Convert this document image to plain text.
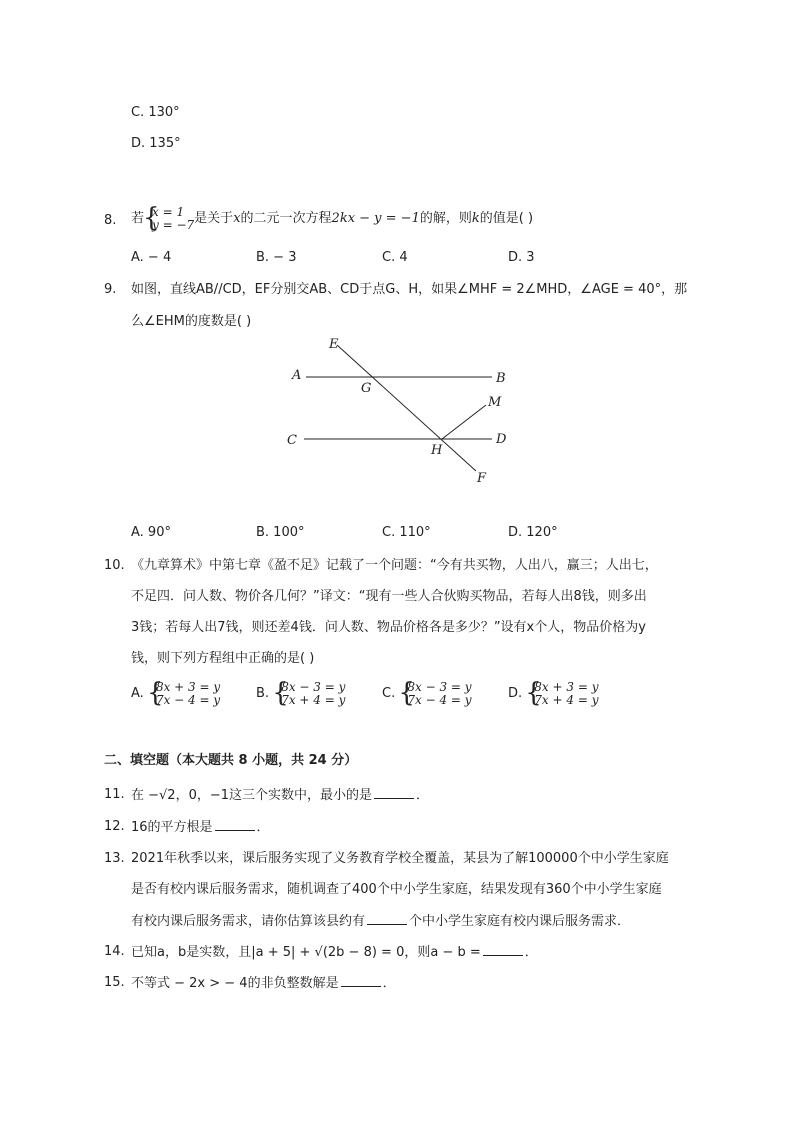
C. 130°
D. 135°
8. 若 { x = 1
y = −7 是关于x的二元一次方程2kx − y = −1的解，则k的值是( )
A. − 4	B. − 3	C. 4	D. 3
9. 如图，直线AB//CD，EF分别交AB、CD于点G、H，如果∠MHF = 2∠MHD，∠AGE = 40°，那
么∠EHM的度数是( )
E
A
G
B
M
C
H
D
F
A. 90°	B. 100°	C. 110°	D. 120°
10. 《九章算术》中第七章《盈不足》记载了一个问题：“今有共买物，人出八，赢三；人出七，
不足四．问人数、物价各几何？”译文：“现有一些人合伙购买物品，若每人出8钱，则多出
3钱；若每人出7钱，则还差4钱．问人数、物品价格各是多少？”设有x个人，物品价格为y
钱，则下列方程组中正确的是( )
A. { 8x + 3 = y
7x − 4 = y	B. { 8x − 3 = y
7x + 4 = y	C. { 8x − 3 = y
7x − 4 = y	D. { 8x + 3 = y
7x + 4 = y
二、填空题（本大题共 8 小题，共 24 分）
11. 在 −√2，0，−1这三个实数中，最小的是	．
12. 16的平方根是	．
13. 2021年秋季以来，课后服务实现了义务教育学校全覆盖，某县为了解100000个中小学生家庭
是否有校内课后服务需求，随机调查了400个中小学生家庭，结果发现有360个中小学生家庭
有校内课后服务需求，请你估算该县约有	个中小学生家庭有校内课后服务需求．
14. 已知a，b是实数，且|a + 5| + √(2b − 8) = 0，则a − b =	．
15. 不等式 − 2x > − 4的非负整数解是	．
